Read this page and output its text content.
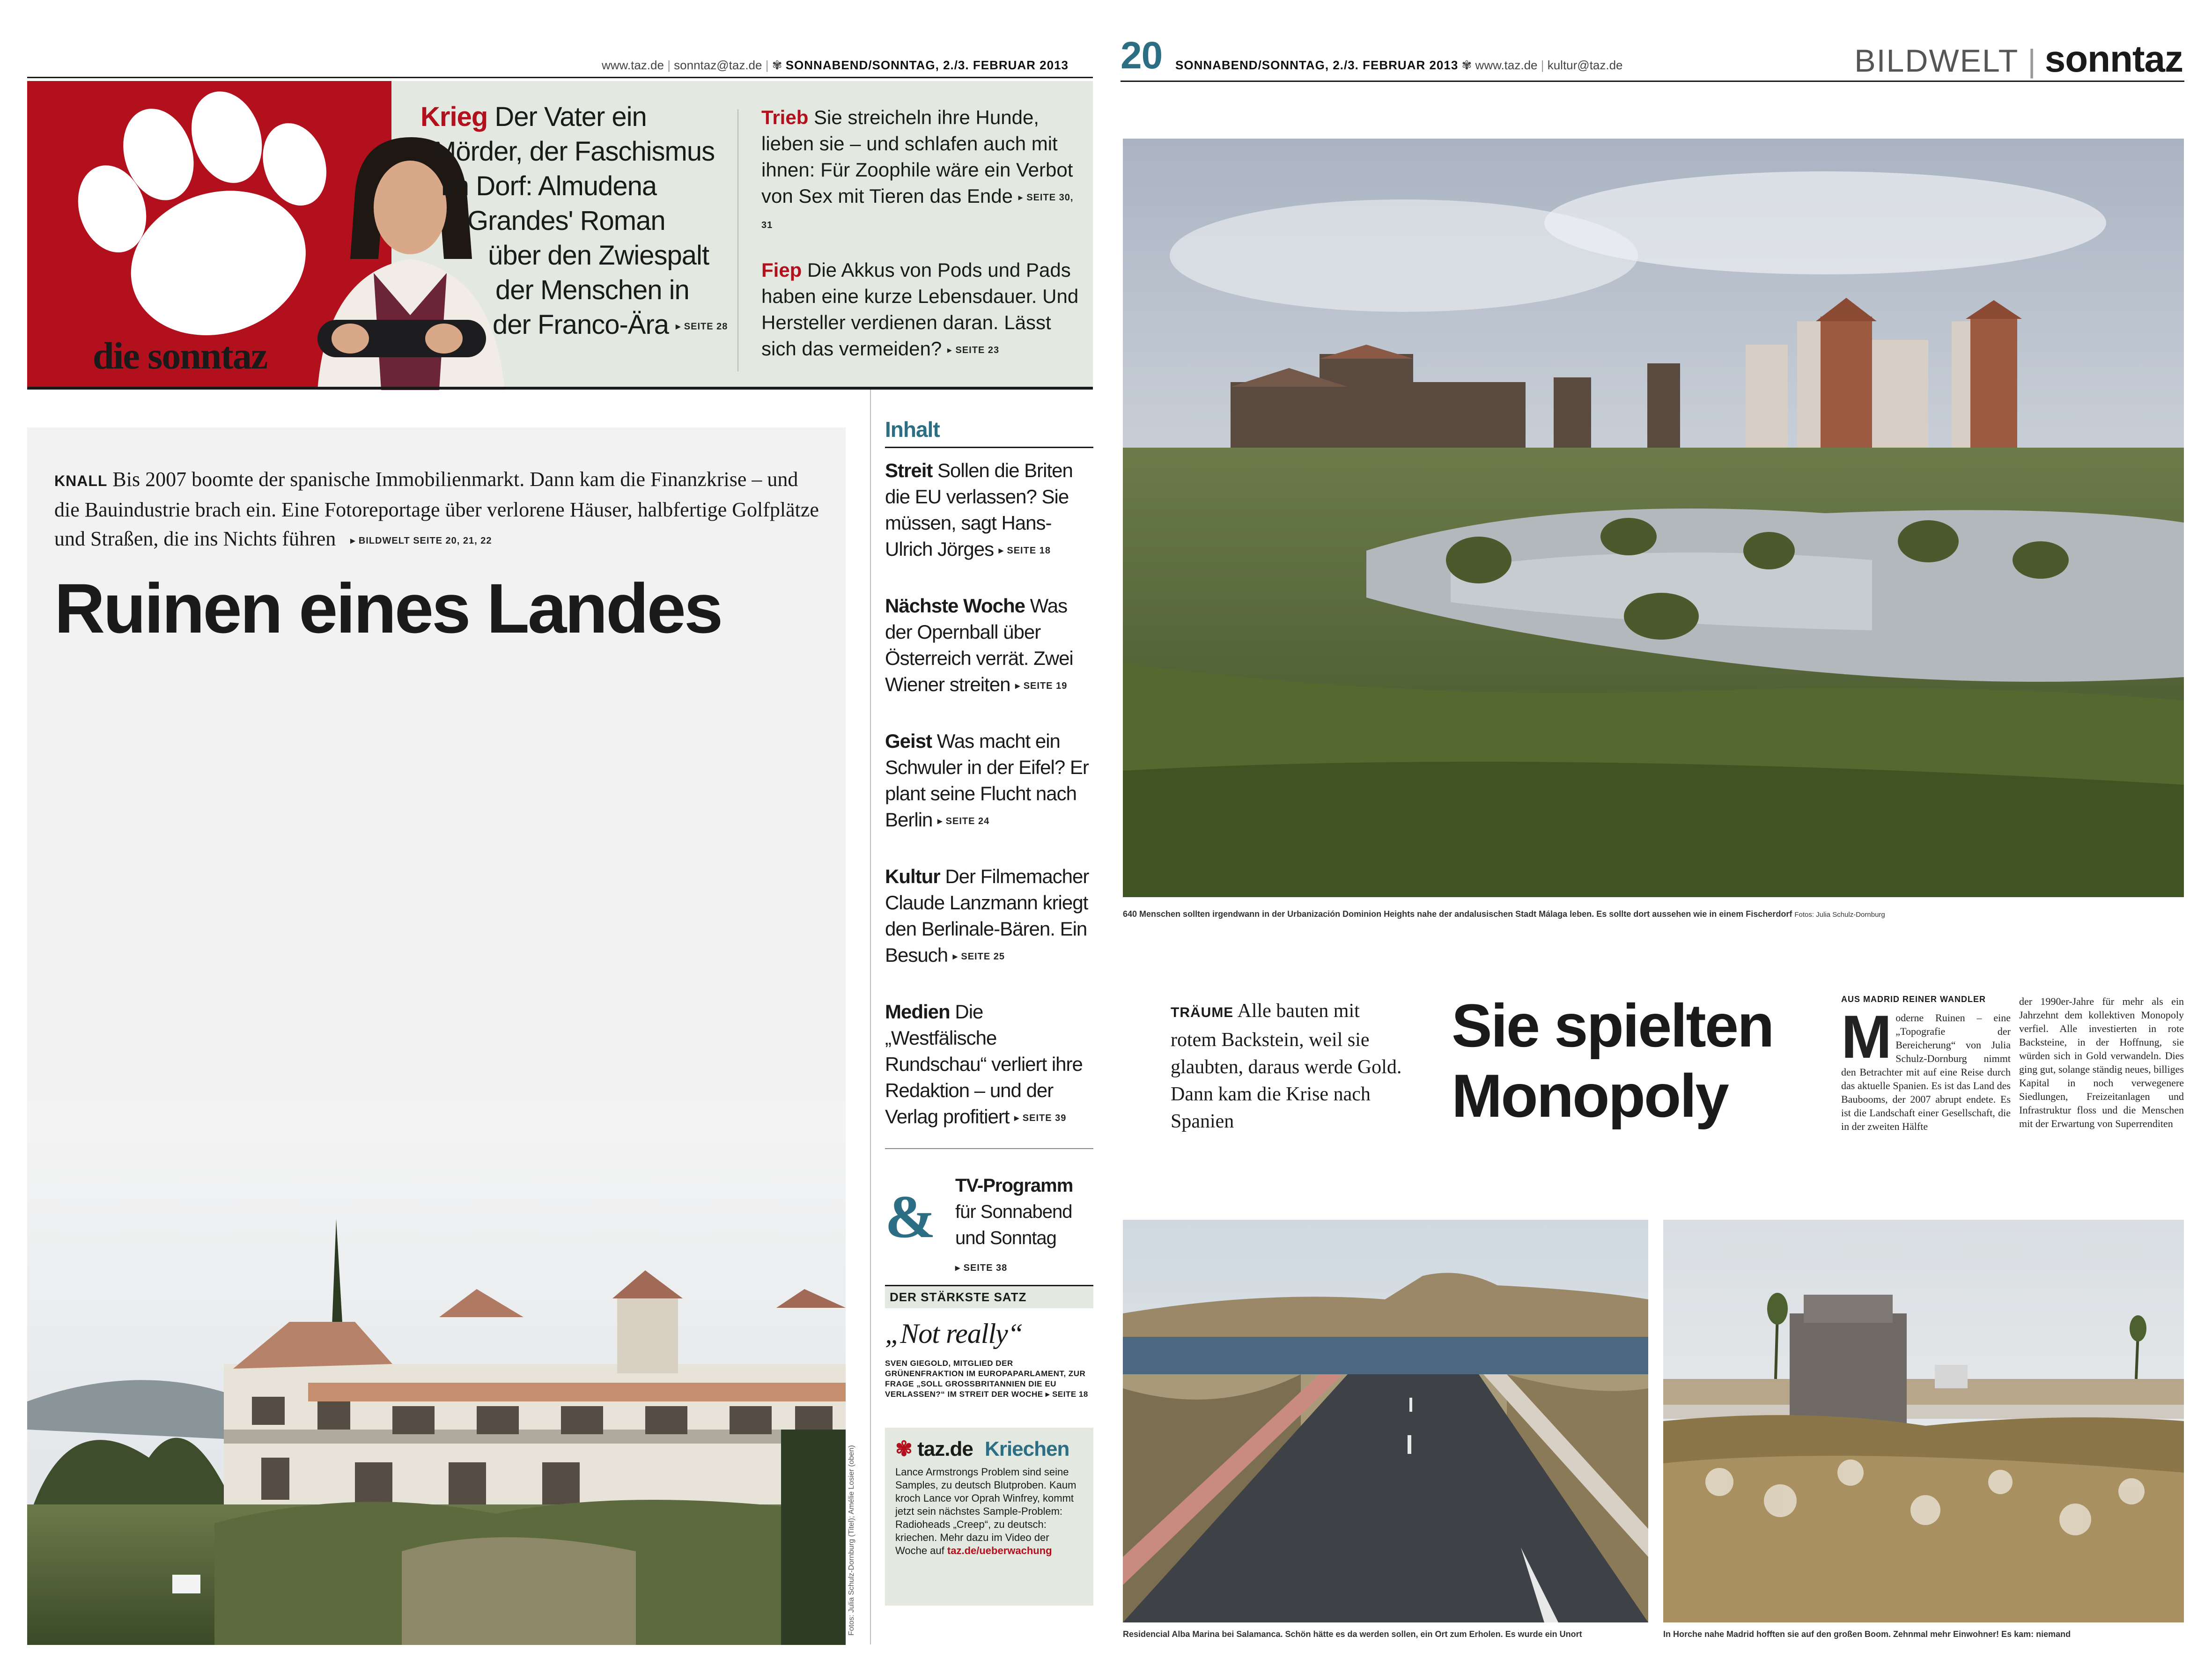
www.taz.de | sonntaz@taz.de | ✾ SONNABEND/SONNTAG, 2./3. FEBRUAR 2013
die sonntaz
Krieg Der Vater ein
Mörder, der Faschismus
im Dorf: Almudena
Grandes' Roman
über den Zwiespalt
der Menschen in
der Franco-Ära ▸ SEITE 28
Trieb Sie streicheln ihre Hunde, lieben sie – und schlafen auch mit ihnen: Für Zoophile wäre ein Verbot von Sex mit Tieren das Ende ▸ SEITE 30, 31
Fiep Die Akkus von Pods und Pads haben eine kurze Lebensdauer. Und Hersteller verdienen daran. Lässt sich das vermeiden? ▸ SEITE 23
KNALL Bis 2007 boomte der spanische Immobilienmarkt. Dann kam die Finanzkrise – und die Bauindustrie brach ein. Eine Fotoreportage über verlorene Häuser, halbfertige Golfplätze und Straßen, die ins Nichts führen ▸ BILDWELT SEITE 20, 21, 22
Ruinen eines Landes
Fotos: Julia Schulz-Dornburg (Titel); Amélie Losier (oben)
Inhalt
Streit Sollen die Briten die EU verlassen? Sie müssen, sagt Hans-Ulrich Jörges ▸ SEITE 18
Nächste Woche Was der Opernball über Österreich verrät. Zwei Wiener streiten ▸ SEITE 19
Geist Was macht ein Schwuler in der Eifel? Er plant seine Flucht nach Berlin ▸ SEITE 24
Kultur Der Filmemacher Claude Lanzmann kriegt den Berlinale-Bären. Ein Besuch ▸ SEITE 25
Medien Die „Westfälische Rundschau“ verliert ihre Redaktion – und der Verlag profitiert ▸ SEITE 39
& TV-Programm
für Sonnabend
und Sonntag
▸ SEITE 38
DER STÄRKSTE SATZ
„Not really“
SVEN GIEGOLD, MITGLIED DER GRÜNENFRAKTION IM EUROPAPARLAMENT, ZUR FRAGE „SOLL GROSSBRITANNIEN DIE EU VERLASSEN?“ IM STREIT DER WOCHE ▸ SEITE 18
✾ taz.de Kriechen
Lance Armstrongs Problem sind seine Samples, zu deutsch Blutproben. Kaum kroch Lance vor Oprah Winfrey, kommt jetzt sein nächstes Sample-Problem: Radioheads „Creep“, zu deutsch: kriechen. Mehr dazu im Video der Woche auf taz.de/ueberwachung
20 SONNABEND/SONNTAG, 2./3. FEBRUAR 2013 ✾ www.taz.de | kultur@taz.de	BILDWELT | sonntaz
640 Menschen sollten irgendwann in der Urbanización Dominion Heights nahe der andalusischen Stadt Málaga leben. Es sollte dort aussehen wie in einem Fischerdorf Fotos: Julia Schulz-Dornburg
TRÄUME Alle bauten mit rotem Backstein, weil sie glaubten, daraus werde Gold. Dann kam die Krise nach Spanien
Sie spielten
Monopoly
AUS MADRID REINER WANDLER
M oderne Ruinen – eine „Topografie der Bereicherung“ von Julia Schulz-Dornburg nimmt den Betrachter mit auf eine Reise durch das aktuelle Spanien. Es ist das Land des Baubooms, der 2007 abrupt endete. Es ist die Landschaft einer Gesellschaft, die in der zweiten Hälfte
der 1990er-Jahre für mehr als ein Jahrzehnt dem kollektiven Monopoly verfiel. Alle investierten in rote Backsteine, in der Hoffnung, sie würden sich in Gold verwandeln. Dies ging gut, solange ständig neues, billiges Kapital in noch verwegenere Siedlungen, Freizeitanlagen und Infrastruktur floss und die Menschen mit der Erwartung von Superrenditen
Residencial Alba Marina bei Salamanca. Schön hätte es da werden sollen, ein Ort zum Erholen. Es wurde ein Unort	In Horche nahe Madrid hofften sie auf den großen Boom. Zehnmal mehr Einwohner! Es kam: niemand
